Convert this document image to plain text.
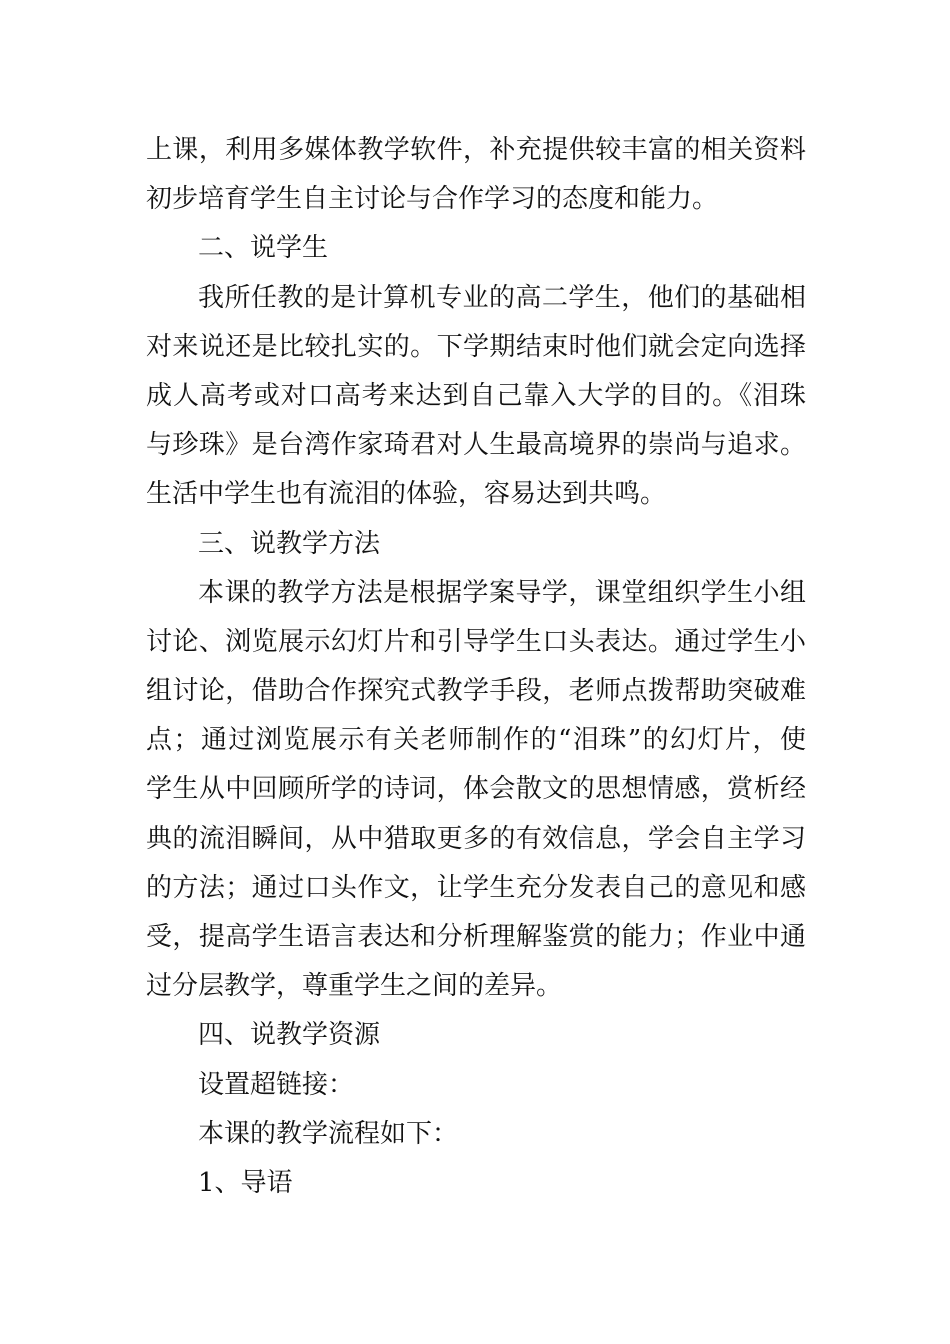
上课，利用多媒体教学软件，补充提供较丰富的相关资料
初步培育学生自主讨论与合作学习的态度和能力。
二、说学生
我所任教的是计算机专业的高二学生，他们的基础相
对来说还是比较扎实的。下学期结束时他们就会定向选择
成人高考或对口高考来达到自己靠入大学的目的。《泪珠
与珍珠》是台湾作家琦君对人生最高境界的崇尚与追求。
生活中学生也有流泪的体验，容易达到共鸣。
三、说教学方法
本课的教学方法是根据学案导学，课堂组织学生小组
讨论、浏览展示幻灯片和引导学生口头表达。通过学生小
组讨论，借助合作探究式教学手段，老师点拨帮助突破难
点；通过浏览展示有关老师制作的“泪珠”的幻灯片，使
学生从中回顾所学的诗词，体会散文的思想情感，赏析经
典的流泪瞬间，从中猎取更多的有效信息，学会自主学习
的方法；通过口头作文，让学生充分发表自己的意见和感
受，提高学生语言表达和分析理解鉴赏的能力；作业中通
过分层教学，尊重学生之间的差异。
四、说教学资源
设置超链接：
本课的教学流程如下：
1、导语
